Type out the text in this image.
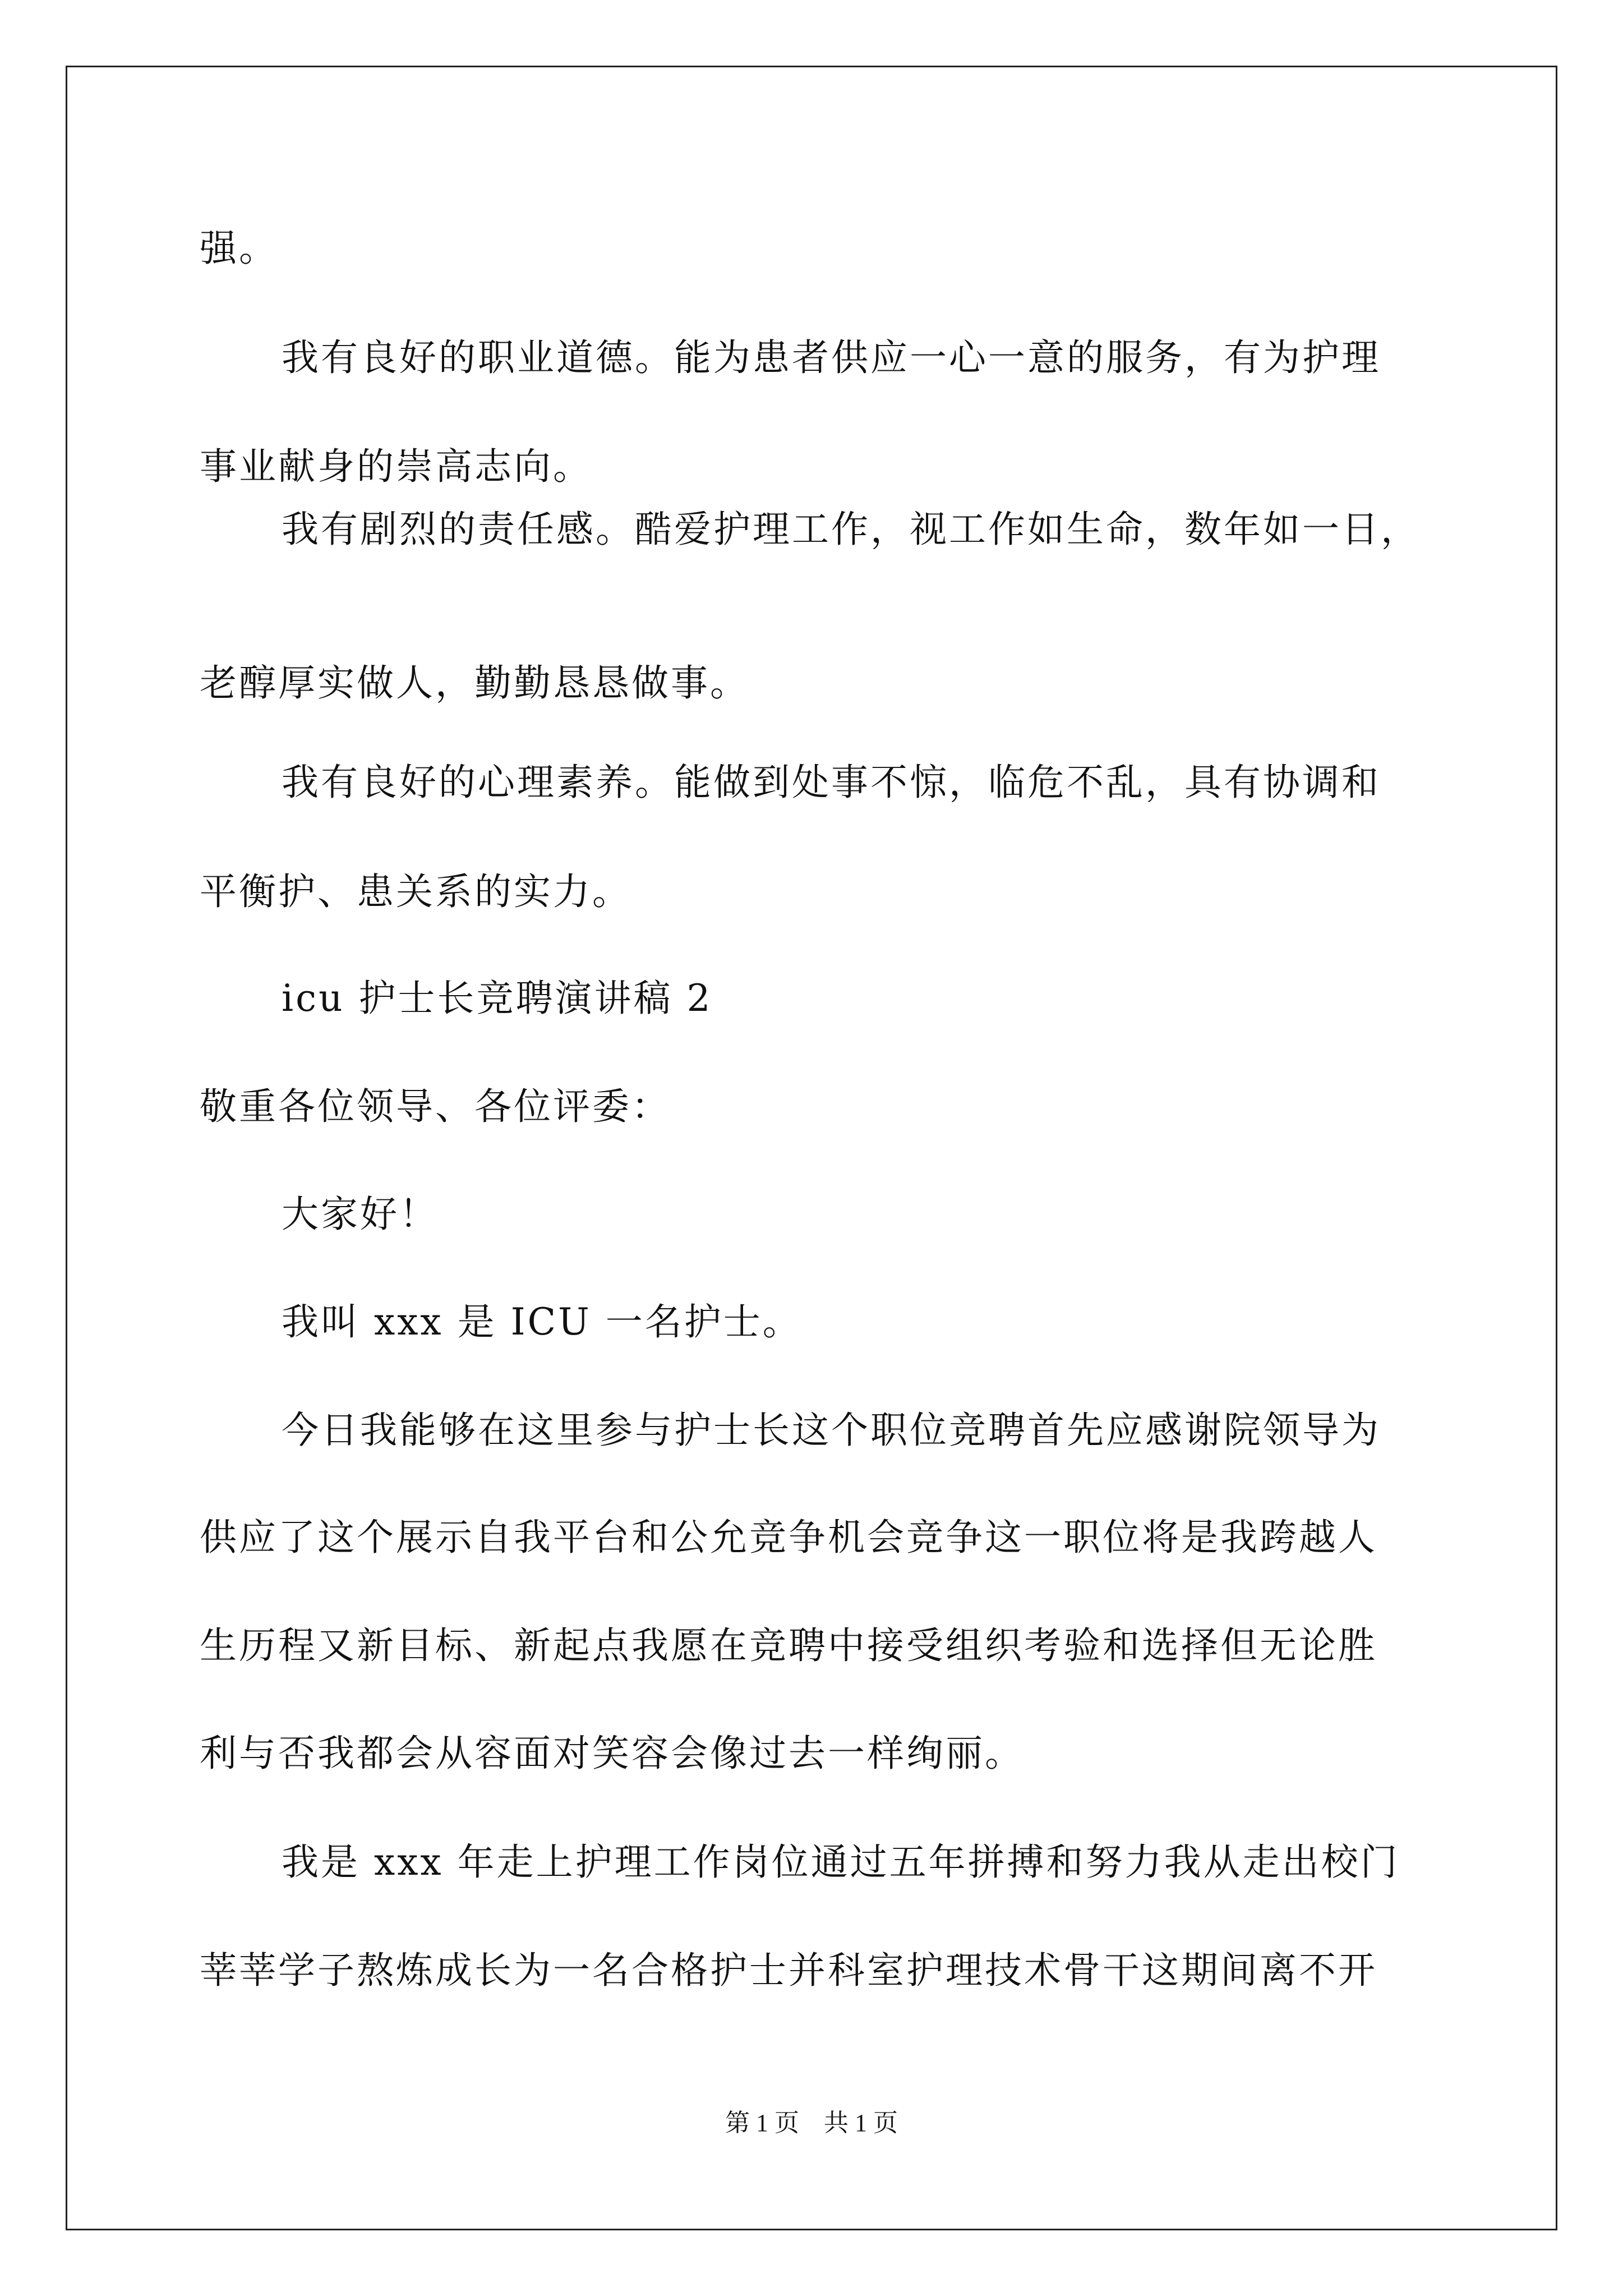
强。

我有良好的职业道德。能为患者供应一心一意的服务，有为护理

事业献身的崇高志向。

我有剧烈的责任感。酷爱护理工作，视工作如生命，数年如一日，

老醇厚实做人，勤勤恳恳做事。

我有良好的心理素养。能做到处事不惊，临危不乱，具有协调和

平衡护、患关系的实力。

icu 护士长竞聘演讲稿 2

敬重各位领导、各位评委：

大家好！

我叫 xxx 是 ICU 一名护士。

今日我能够在这里参与护士长这个职位竞聘首先应感谢院领导为

供应了这个展示自我平台和公允竞争机会竞争这一职位将是我跨越人

生历程又新目标、新起点我愿在竞聘中接受组织考验和选择但无论胜

利与否我都会从容面对笑容会像过去一样绚丽。

我是 xxx 年走上护理工作岗位通过五年拼搏和努力我从走出校门

莘莘学子熬炼成长为一名合格护士并科室护理技术骨干这期间离不开

第 1 页    共 1 页
